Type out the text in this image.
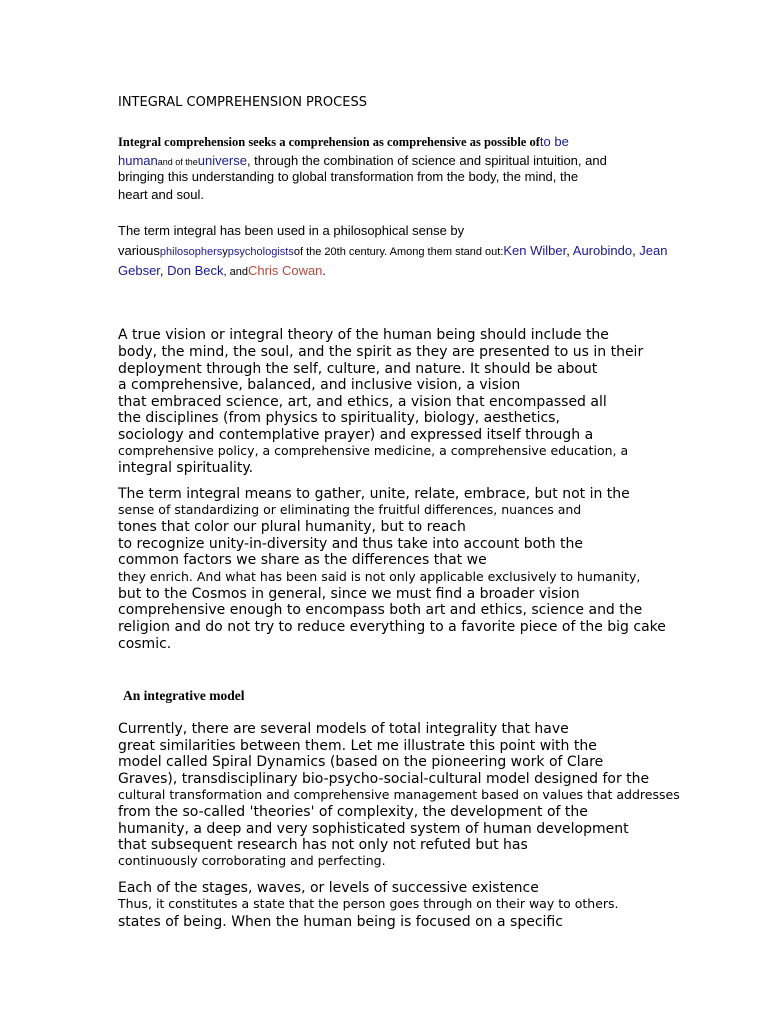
INTEGRAL COMPREHENSION PROCESS
Integral comprehension seeks a comprehension as comprehensive as possible ofto be
humanand of theuniverse, through the combination of science and spiritual intuition, and
bringing this understanding to global transformation from the body, the mind, the
heart and soul.
The term integral has been used in a philosophical sense by
variousphilosophersypsychologistsof the 20th century. Among them stand out:Ken Wilber, Aurobindo, Jean
Gebser, Don Beck, andChris Cowan.
A true vision or integral theory of the human being should include the
body, the mind, the soul, and the spirit as they are presented to us in their
deployment through the self, culture, and nature. It should be about
a comprehensive, balanced, and inclusive vision, a vision
that embraced science, art, and ethics, a vision that encompassed all
the disciplines (from physics to spirituality, biology, aesthetics,
sociology and contemplative prayer) and expressed itself through a
comprehensive policy, a comprehensive medicine, a comprehensive education, a
integral spirituality.
The term integral means to gather, unite, relate, embrace, but not in the
sense of standardizing or eliminating the fruitful differences, nuances and
tones that color our plural humanity, but to reach
to recognize unity-in-diversity and thus take into account both the
common factors we share as the differences that we
they enrich. And what has been said is not only applicable exclusively to humanity,
but to the Cosmos in general, since we must find a broader vision
comprehensive enough to encompass both art and ethics, science and the
religion and do not try to reduce everything to a favorite piece of the big cake
cosmic.
An integrative model
Currently, there are several models of total integrality that have
great similarities between them. Let me illustrate this point with the
model called Spiral Dynamics (based on the pioneering work of Clare
Graves), transdisciplinary bio-psycho-social-cultural model designed for the
cultural transformation and comprehensive management based on values that addresses
from the so-called 'theories' of complexity, the development of the
humanity, a deep and very sophisticated system of human development
that subsequent research has not only not refuted but has
continuously corroborating and perfecting.
Each of the stages, waves, or levels of successive existence
Thus, it constitutes a state that the person goes through on their way to others.
states of being. When the human being is focused on a specific
